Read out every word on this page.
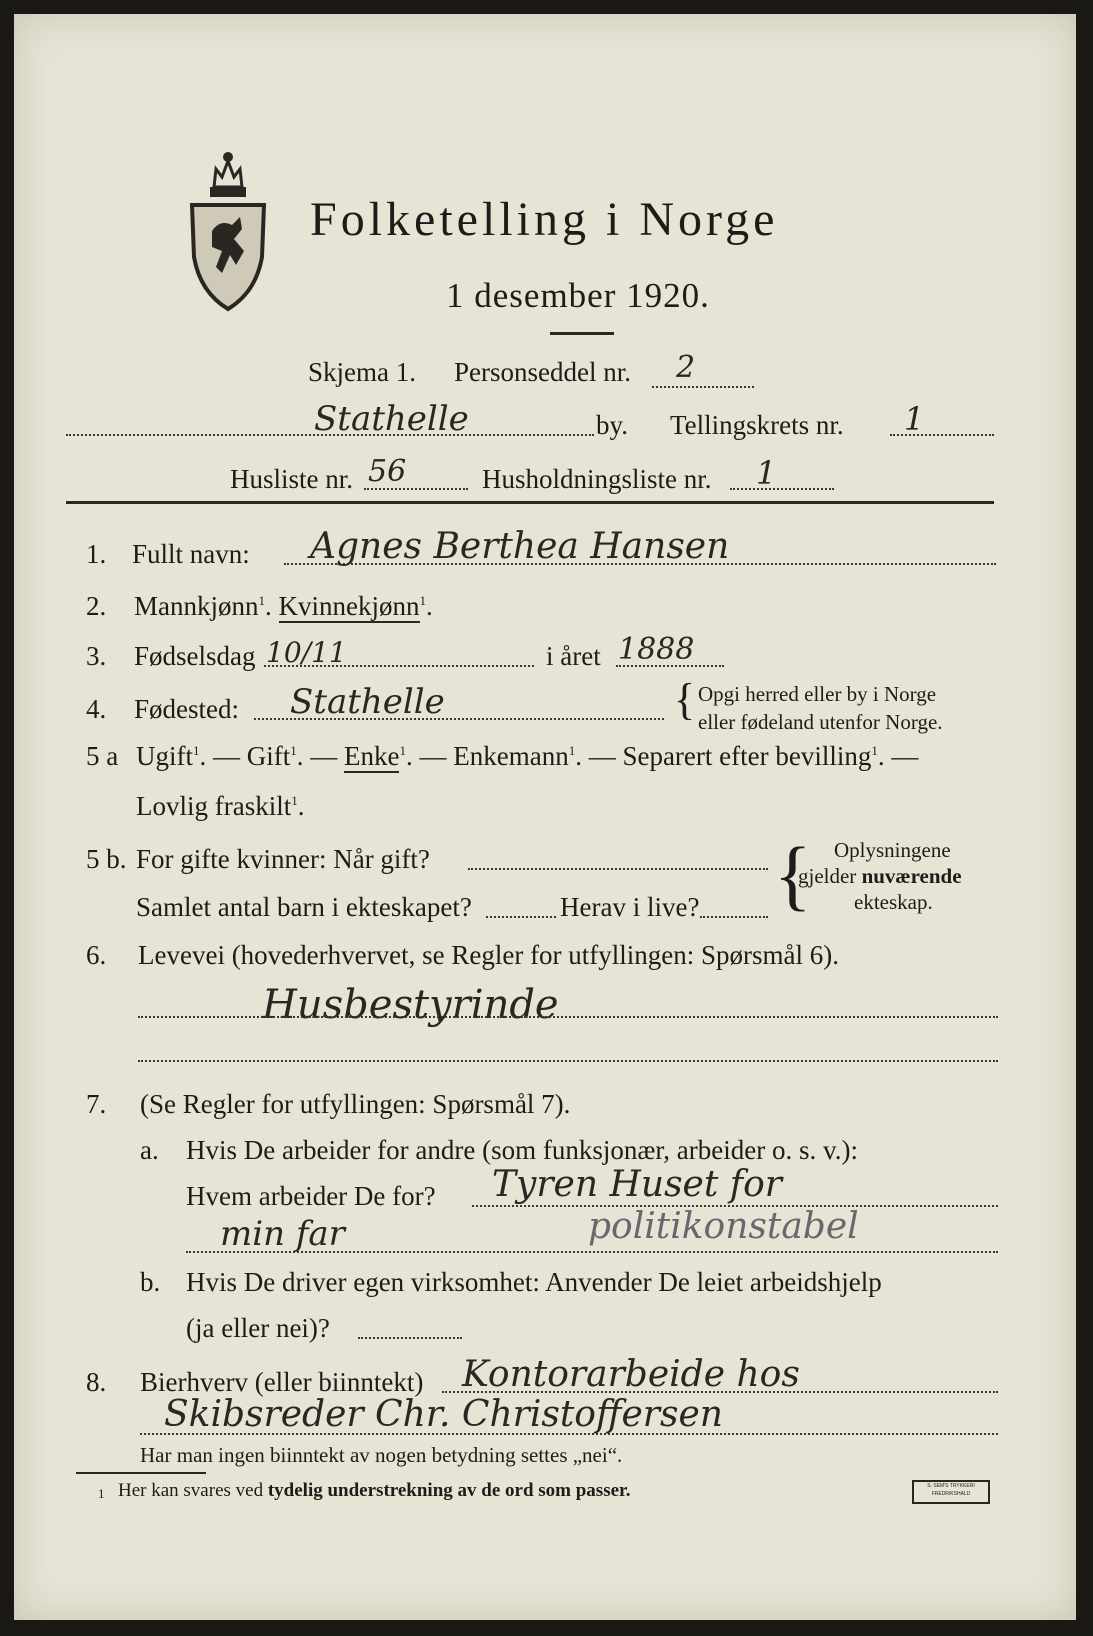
Folketelling i Norge
1 desember 1920.
Skjema 1. Personseddel nr. 2
Stathelle	by. Tellingskrets nr. 1
Husliste nr. 56	Husholdningsliste nr. 1
1. Fullt navn: Agnes Berthea Hansen
2. Mannkjønn$^1$. Kvinnekjønn$^1$.
3. Fødselsdag 10/11	i året 1888
4. Fødested: Stathelle	{ Opgi herred eller by i Norge
eller fødeland utenfor Norge.
5 a Ugift$^1$. — Gift$^1$. — Enke$^1$. — Enkemann$^1$. — Separert efter bevilling$^1$. —
Lovlig fraskilt$^1$.
5 b. For gifte kvinner: Når gift?
Samlet antal barn i ekteskapet?	Herav i live? { Oplysningene
gjelder nuværende
ekteskap.
6. Levevei (hovederhvervet, se Regler for utfyllingen: Spørsmål 6).
Husbestyrinde
7. (Se Regler for utfyllingen: Spørsmål 7).
a. Hvis De arbeider for andre (som funksjonær, arbeider o. s. v.):
Hvem arbeider De for? Tyren Huset for
min far	politikonstabel
b. Hvis De driver egen virksomhet: Anvender De leiet arbeidshjelp
(ja eller nei)?
8. Bierhverv (eller biinntekt) Kontorarbeide hos
Skibsreder Chr. Christoffersen
Har man ingen biinntekt av nogen betydning settes „nei“.
1 Her kan svares ved tydelig understrekning av de ord som passer.	S. SEM'S TRYKKERI FREDRIKSHALD
